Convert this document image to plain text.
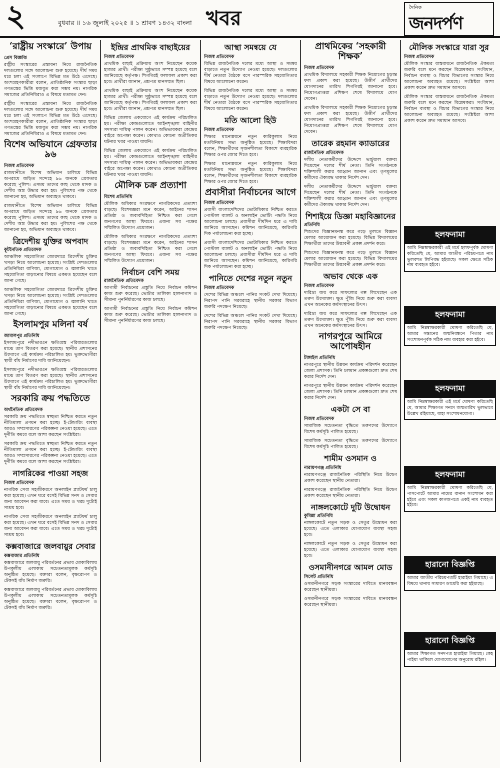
২	বুধবার ॥ ১৬ জুলাই ২০২৫ ॥ ১ শ্রাবণ ১৪৩২ বাংলা খবর	দৈনিক
জনদর্পণ
‘রাষ্ট্রীয় সংস্কারে’ উপায়
প্রেস বিজ্ঞপ্তি
রাষ্ট্রীয় সংস্কারের প্রস্তাবনা নিয়ে রাজনৈতিক দলগুলোর সঙ্গে আলোচনা শুরু হয়েছে। দীর্ঘ সময় ধরে চলা এই সংলাপে বিভিন্ন মত উঠে এসেছে। অংশগ্রহণকারীরা বলেন, প্রাতিষ্ঠানিক সংস্কার ছাড়া গণতন্ত্রের ভিত্তি মজবুত করা সম্ভব নয়। নাগরিক সমাজের প্রতিনিধিরাও এ বিষয়ে মতামত দেন।
রাষ্ট্রীয় সংস্কারের প্রস্তাবনা নিয়ে রাজনৈতিক দলগুলোর সঙ্গে আলোচনা শুরু হয়েছে। দীর্ঘ সময় ধরে চলা এই সংলাপে বিভিন্ন মত উঠে এসেছে। অংশগ্রহণকারীরা বলেন, প্রাতিষ্ঠানিক সংস্কার ছাড়া গণতন্ত্রের ভিত্তি মজবুত করা সম্ভব নয়। নাগরিক সমাজের প্রতিনিধিরাও এ বিষয়ে মতামত দেন।
বিশেষ অভিযানে গ্রেফতার ৯৬
নিজস্ব প্রতিবেদক
রাজধানীতে বিশেষ অভিযান চালিয়ে বিভিন্ন অপরাধে জড়িত সন্দেহে ৯৬ জনকে গ্রেফতার করেছে পুলিশ। এসময় তাদের কাছ থেকে মাদক ও দেশীয় অস্ত্র উদ্ধার করা হয়। পুলিশের পক্ষ থেকে জানানো হয়, অভিযান অব্যাহত থাকবে।
রাজধানীতে বিশেষ অভিযান চালিয়ে বিভিন্ন অপরাধে জড়িত সন্দেহে ৯৬ জনকে গ্রেফতার করেছে পুলিশ। এসময় তাদের কাছ থেকে মাদক ও দেশীয় অস্ত্র উদ্ধার করা হয়। পুলিশের পক্ষ থেকে জানানো হয়, অভিযান অব্যাহত থাকবে।
ত্রিদেশীয় যুক্তির অপবাদ
কূটনৈতিক প্রতিবেদক
আঞ্চলিক সহযোগিতা জোরদারে ত্রিদেশীয় চুক্তির খসড়া নিয়ে আলোচনা হয়েছে। সংশ্লিষ্ট দেশগুলোর প্রতিনিধিরা বাণিজ্য, যোগাযোগ ও জ্বালানি খাতে সহযোগিতা বাড়ানোর বিষয়ে একমত হয়েছেন বলে জানা গেছে।
আঞ্চলিক সহযোগিতা জোরদারে ত্রিদেশীয় চুক্তির খসড়া নিয়ে আলোচনা হয়েছে। সংশ্লিষ্ট দেশগুলোর প্রতিনিধিরা বাণিজ্য, যোগাযোগ ও জ্বালানি খাতে সহযোগিতা বাড়ানোর বিষয়ে একমত হয়েছেন বলে জানা গেছে।
ইসলামপুর মলিনা বর্ষ
জামালপুর প্রতিনিধি
ইসলামপুরে নদীভাঙনে ক্ষতিগ্রস্ত পরিবারগুলোর মাঝে ত্রাণ বিতরণ করা হয়েছে। স্থানীয় প্রশাসনের উদ্যোগে এই কার্যক্রম পরিচালিত হয়। ভুক্তভোগীরা স্থায়ী বাঁধ নির্মাণের দাবি জানিয়েছেন।
ইসলামপুরে নদীভাঙনে ক্ষতিগ্রস্ত পরিবারগুলোর মাঝে ত্রাণ বিতরণ করা হয়েছে। স্থানীয় প্রশাসনের উদ্যোগে এই কার্যক্রম পরিচালিত হয়। ভুক্তভোগীরা স্থায়ী বাঁধ নির্মাণের দাবি জানিয়েছেন।
সরকারি ক্রয় পদ্ধতিতে
অর্থনৈতিক প্রতিবেদক
সরকারি ক্রয় পদ্ধতিতে স্বচ্ছতা নিশ্চিত করতে নতুন নীতিমালা প্রণয়ন করা হচ্ছে। ই-টেন্ডারিং ব্যবস্থা আরও সম্প্রসারণের পরিকল্পনা নেওয়া হয়েছে। এতে দুর্নীতি কমবে বলে আশা করছেন সংশ্লিষ্টরা।
সরকারি ক্রয় পদ্ধতিতে স্বচ্ছতা নিশ্চিত করতে নতুন নীতিমালা প্রণয়ন করা হচ্ছে। ই-টেন্ডারিং ব্যবস্থা আরও সম্প্রসারণের পরিকল্পনা নেওয়া হয়েছে। এতে দুর্নীতি কমবে বলে আশা করছেন সংশ্লিষ্টরা।
নাগরিকের পাওয়া সহজ
নিজস্ব প্রতিবেদক
নাগরিক সেবা সহজীকরণে অনলাইন প্ল্যাটফর্ম চালু করা হয়েছে। এখন ঘরে বসেই বিভিন্ন সনদ ও সেবার জন্য আবেদন করা যাবে। এতে সময় ও খরচ দুটোই সাশ্রয় হবে।
নাগরিক সেবা সহজীকরণে অনলাইন প্ল্যাটফর্ম চালু করা হয়েছে। এখন ঘরে বসেই বিভিন্ন সনদ ও সেবার জন্য আবেদন করা যাবে। এতে সময় ও খরচ দুটোই সাশ্রয় হবে।
কক্সবাজারে জলবায়ুর সেবার
কক্সবাজার প্রতিনিধি
কক্সবাজারে জলবায়ু পরিবর্তনের প্রভাব মোকাবিলায় উপকূলীয় এলাকায় সচেতনতামূলক কর্মসূচি অনুষ্ঠিত হয়েছে। বক্তারা বলেন, বৃক্ষরোপণ ও টেকসই বাঁধ নির্মাণ জরুরি।
কক্সবাজারে জলবায়ু পরিবর্তনের প্রভাব মোকাবিলায় উপকূলীয় এলাকায় সচেতনতামূলক কর্মসূচি অনুষ্ঠিত হয়েছে। বক্তারা বলেন, বৃক্ষরোপণ ও টেকসই বাঁধ নির্মাণ জরুরি।
ইন্দ্রির প্রাথমিক বাছাইয়ের
নিজস্ব প্রতিবেদক
প্রাথমিক বাছাই প্রক্রিয়ায় অংশ নিয়েছেন কয়েক হাজার প্রার্থী। পরীক্ষা সুষ্ঠুভাবে সম্পন্ন হয়েছে বলে জানিয়েছে কর্তৃপক্ষ। শিগগিরই ফলাফল প্রকাশ করা হবে। প্রার্থীরা জানান, প্রশ্নপত্র মানসম্মত ছিল।
প্রাথমিক বাছাই প্রক্রিয়ায় অংশ নিয়েছেন কয়েক হাজার প্রার্থী। পরীক্ষা সুষ্ঠুভাবে সম্পন্ন হয়েছে বলে জানিয়েছে কর্তৃপক্ষ। শিগগিরই ফলাফল প্রকাশ করা হবে। প্রার্থীরা জানান, প্রশ্নপত্র মানসম্মত ছিল।
বিভিন্ন জেলায় একযোগে এই কার্যক্রম পরিচালিত হয়। পরীক্ষা কেন্দ্রগুলোতে আইনশৃঙ্খলা বাহিনীর সদস্যরা দায়িত্ব পালন করেন। অভিভাবকরা কেন্দ্রের বাইরে অপেক্ষা করেন। কোথাও কোনো অপ্রীতিকর ঘটনার খবর পাওয়া যায়নি।
বিভিন্ন জেলায় একযোগে এই কার্যক্রম পরিচালিত হয়। পরীক্ষা কেন্দ্রগুলোতে আইনশৃঙ্খলা বাহিনীর সদস্যরা দায়িত্ব পালন করেন। অভিভাবকরা কেন্দ্রের বাইরে অপেক্ষা করেন। কোথাও কোনো অপ্রীতিকর ঘটনার খবর পাওয়া যায়নি।
মৌলিক চক্র প্রত্যাশা
বিশেষ প্রতিনিধি
মৌলিক অধিকার সংরক্ষণে নাগরিকদের প্রত্যাশা বাড়ছে। বিশেষজ্ঞরা মনে করেন, আইনের শাসন প্রতিষ্ঠা ও জবাবদিহিতা নিশ্চিত করা গেলে জনগণের আস্থা ফিরবে। এজন্য সব পক্ষের সম্মিলিত উদ্যোগ প্রয়োজন।
মৌলিক অধিকার সংরক্ষণে নাগরিকদের প্রত্যাশা বাড়ছে। বিশেষজ্ঞরা মনে করেন, আইনের শাসন প্রতিষ্ঠা ও জবাবদিহিতা নিশ্চিত করা গেলে জনগণের আস্থা ফিরবে। এজন্য সব পক্ষের সম্মিলিত উদ্যোগ প্রয়োজন।
নির্বাচন বেশি সময়
রাজনৈতিক প্রতিবেদক
আগামী নির্বাচনের প্রস্তুতি নিয়ে নির্বাচন কমিশন কাজ শুরু করেছে। ভোটার তালিকা হালনাগাদ ও সীমানা পুনর্নির্ধারণের কাজ চলছে।
আগামী নির্বাচনের প্রস্তুতি নিয়ে নির্বাচন কমিশন কাজ শুরু করেছে। ভোটার তালিকা হালনাগাদ ও সীমানা পুনর্নির্ধারণের কাজ চলছে।
আস্থা সমন্বয়ে যে
নিজস্ব প্রতিবেদক
বিভিন্ন রাজনৈতিক দলের মধ্যে আস্থা ও সমন্বয় বাড়াতে নতুন উদ্যোগ নেওয়া হয়েছে। দলগুলোর শীর্ষ নেতারা বৈঠকে বসে পারস্পরিক সহযোগিতার বিষয়ে আলোচনা করেন।
বিভিন্ন রাজনৈতিক দলের মধ্যে আস্থা ও সমন্বয় বাড়াতে নতুন উদ্যোগ নেওয়া হয়েছে। দলগুলোর শীর্ষ নেতারা বৈঠকে বসে পারস্পরিক সহযোগিতার বিষয়ে আলোচনা করেন।
মতি আলো হিউ
নিজস্ব প্রতিবেদক
শিক্ষার মানোন্নয়নে নতুন কারিকুলাম নিয়ে মতবিনিময় সভা অনুষ্ঠিত হয়েছে। শিক্ষাবিদরা বলেন, শিক্ষার্থীদের সৃজনশীলতা বিকাশে ব্যবহারিক শিক্ষার ওপর জোর দিতে হবে।
শিক্ষার মানোন্নয়নে নতুন কারিকুলাম নিয়ে মতবিনিময় সভা অনুষ্ঠিত হয়েছে। শিক্ষাবিদরা বলেন, শিক্ষার্থীদের সৃজনশীলতা বিকাশে ব্যবহারিক শিক্ষার ওপর জোর দিতে হবে।
প্রবাসীরা নির্বাচনের আগে
নিজস্ব প্রতিবেদক
প্রবাসী বাংলাদেশিদের ভোটাধিকার নিশ্চিত করতে পোস্টাল ব্যালট ও অনলাইন ভোটিং পদ্ধতি নিয়ে আলোচনা চলছে। প্রবাসীরা দীর্ঘদিন ধরে এ দাবি জানিয়ে আসছেন। কমিশন জানিয়েছে, কারিগরি দিক পর্যালোচনা করা হচ্ছে।
প্রবাসী বাংলাদেশিদের ভোটাধিকার নিশ্চিত করতে পোস্টাল ব্যালট ও অনলাইন ভোটিং পদ্ধতি নিয়ে আলোচনা চলছে। প্রবাসীরা দীর্ঘদিন ধরে এ দাবি জানিয়ে আসছেন। কমিশন জানিয়েছে, কারিগরি দিক পর্যালোচনা করা হচ্ছে।
পানিতে দেশের নতুন নতুন
নিজস্ব প্রতিবেদক
দেশের বিভিন্ন অঞ্চলে পানির সংকট দেখা দিয়েছে। নিরাপদ পানি সরবরাহে স্থানীয় সরকার বিভাগ জরুরি পদক্ষেপ নিয়েছে।
দেশের বিভিন্ন অঞ্চলে পানির সংকট দেখা দিয়েছে। নিরাপদ পানি সরবরাহে স্থানীয় সরকার বিভাগ জরুরি পদক্ষেপ নিয়েছে।
প্রাথমিকের ‘সহকারী শিক্ষক’
নিজস্ব প্রতিবেদক
প্রাথমিক বিদ্যালয়ে সহকারী শিক্ষক নিয়োগের চূড়ান্ত ফল প্রকাশ করা হয়েছে। উত্তীর্ণ প্রার্থীদের যোগদানের তারিখ শিগগিরই জানানো হবে। নিয়োগপ্রাপ্তরা প্রশিক্ষণ শেষে বিদ্যালয়ে যোগ দেবেন।
প্রাথমিক বিদ্যালয়ে সহকারী শিক্ষক নিয়োগের চূড়ান্ত ফল প্রকাশ করা হয়েছে। উত্তীর্ণ প্রার্থীদের যোগদানের তারিখ শিগগিরই জানানো হবে। নিয়োগপ্রাপ্তরা প্রশিক্ষণ শেষে বিদ্যালয়ে যোগ দেবেন।
তারেক রহমান ক্যাডারের
রাজনৈতিক প্রতিবেদক
দলীয় নেতাকর্মীদের উদ্দেশে ভার্চুয়াল বক্তব্য দিয়েছেন দলের শীর্ষ নেতা। তিনি সংগঠনকে শক্তিশালী করার আহ্বান জানান এবং তৃণমূলের কর্মীদের ঐক্যবদ্ধ থাকার নির্দেশ দেন।
দলীয় নেতাকর্মীদের উদ্দেশে ভার্চুয়াল বক্তব্য দিয়েছেন দলের শীর্ষ নেতা। তিনি সংগঠনকে শক্তিশালী করার আহ্বান জানান এবং তৃণমূলের কর্মীদের ঐক্যবদ্ধ থাকার নির্দেশ দেন।
শিশাইয়ে ডিজ্ঞা মহাবিজ্ঞানের
প্রতিনিধি
শিশুদের বিজ্ঞানমনস্ক করে গড়ে তুলতে বিজ্ঞান মেলার আয়োজন করা হয়েছে। বিভিন্ন বিদ্যালয়ের শিক্ষার্থীরা তাদের উদ্ভাবনী প্রকল্প প্রদর্শন করে।
শিশুদের বিজ্ঞানমনস্ক করে গড়ে তুলতে বিজ্ঞান মেলার আয়োজন করা হয়েছে। বিভিন্ন বিদ্যালয়ের শিক্ষার্থীরা তাদের উদ্ভাবনী প্রকল্প প্রদর্শন করে।
অভাব থেকে এক
নিজস্ব প্রতিবেদক
দারিদ্র্য জয় করে সাফল্যের গল্প লিখেছেন এক তরুণ উদ্যোক্তা। ক্ষুদ্র পুঁজি নিয়ে শুরু করা ব্যবসা এখন অনেকের কর্মসংস্থানের উৎস।
দারিদ্র্য জয় করে সাফল্যের গল্প লিখেছেন এক তরুণ উদ্যোক্তা। ক্ষুদ্র পুঁজি নিয়ে শুরু করা ব্যবসা এখন অনেকের কর্মসংস্থানের উৎস।
নাগরপুরে আমিরে আপোষহীন
টাঙ্গাইল প্রতিনিধি
নাগরপুরে স্থানীয় উন্নয়ন কার্যক্রম পরিদর্শন করেছেন জেলা প্রশাসক। তিনি চলমান প্রকল্পগুলো দ্রুত শেষ করার নির্দেশ দেন।
নাগরপুরে স্থানীয় উন্নয়ন কার্যক্রম পরিদর্শন করেছেন জেলা প্রশাসক। তিনি চলমান প্রকল্পগুলো দ্রুত শেষ করার নির্দেশ দেন।
একটা সে বা
নিজস্ব প্রতিবেদক
সামাজিক সচেতনতা বৃদ্ধিতে তরুণদের উদ্যোগে বিশেষ কর্মসূচি পালিত হয়েছে।
সামাজিক সচেতনতা বৃদ্ধিতে তরুণদের উদ্যোগে বিশেষ কর্মসূচি পালিত হয়েছে।
শামীম ওসমান ও
নারায়ণগঞ্জ প্রতিনিধি
নারায়ণগঞ্জে রাজনৈতিক পরিস্থিতি নিয়ে উদ্বেগ প্রকাশ করেছেন স্থানীয় নেতারা।
নারায়ণগঞ্জে রাজনৈতিক পরিস্থিতি নিয়ে উদ্বেগ প্রকাশ করেছেন স্থানীয় নেতারা।
নাঙ্গলকোটে দুটি উদ্বোধন
কুমিল্লা প্রতিনিধি
নাঙ্গলকোটে নতুন সড়ক ও সেতুর উদ্বোধন করা হয়েছে। এতে এলাকার যোগাযোগ ব্যবস্থা সহজ হবে।
নাঙ্গলকোটে নতুন সড়ক ও সেতুর উদ্বোধন করা হয়েছে। এতে এলাকার যোগাযোগ ব্যবস্থা সহজ হবে।
ওসমানীনগরে আমল মোড
সিলেট প্রতিনিধি
ওসমানীনগরে সড়ক সংস্কারের দাবিতে মানববন্ধন করেছেন স্থানীয়রা।
ওসমানীনগরে সড়ক সংস্কারের দাবিতে মানববন্ধন করেছেন স্থানীয়রা।
মৌলিক সংস্কারে যারা সুর
নিজস্ব প্রতিবেদক
মৌলিক সংস্কার বাস্তবায়নে রাজনৈতিক ঐকমত্য জরুরি বলে মনে করছেন বিশ্লেষকরা। সংবিধান, নির্বাচন ব্যবস্থা ও বিচার বিভাগের সংস্কার নিয়ে আলোচনা অব্যাহত রয়েছে। সংশ্লিষ্টরা আশা প্রকাশ করেন দ্রুত সমাধান আসবে।
মৌলিক সংস্কার বাস্তবায়নে রাজনৈতিক ঐকমত্য জরুরি বলে মনে করছেন বিশ্লেষকরা। সংবিধান, নির্বাচন ব্যবস্থা ও বিচার বিভাগের সংস্কার নিয়ে আলোচনা অব্যাহত রয়েছে। সংশ্লিষ্টরা আশা প্রকাশ করেন দ্রুত সমাধান আসবে।
হলফনামা
আমি নিম্নস্বাক্ষরকারী এই মর্মে হলফপূর্বক ঘোষণা করিতেছি যে, আমার জাতীয় পরিচয়পত্রে নাম ভুলবশত লিপিবদ্ধ হইয়াছে। সকল ক্ষেত্রে সঠিক নাম ব্যবহৃত হইবে।
হলফনামা
আমি নিম্নস্বাক্ষরকারী ঘোষণা করিতেছি যে, আমার সন্তানের জন্মনিবন্ধনে পিতার নাম সংশোধনপূর্বক সঠিক নাম ব্যবহার করা হইবে।
হলফনামা
আমি নিম্নস্বাক্ষরকারী এই মর্মে ঘোষণা করিতেছি যে, আমার শিক্ষাগত সনদে জন্মতারিখ ভুলভাবে উল্লেখ রহিয়াছে, যাহা সংশোধনযোগ্য।
হলফনামা
আমি নিম্নস্বাক্ষরকারী ঘোষণা করিতেছি যে, পাসপোর্টে আমার নামের বানান সংশোধন করা হইবে এবং সকল কাগজপত্রে একই নাম ব্যবহৃত হইবে।
হারানো বিজ্ঞপ্তি
আমার জাতীয় পরিচয়পত্রটি হারাইয়া গিয়াছে। এ বিষয়ে থানায় সাধারণ ডায়েরি করা হইয়াছে।
হারানো বিজ্ঞপ্তি
আমার শিক্ষাগত সনদপত্র হারাইয়া গিয়াছে। কেহ পাইয়া থাকিলে যোগাযোগের অনুরোধ রহিল।
